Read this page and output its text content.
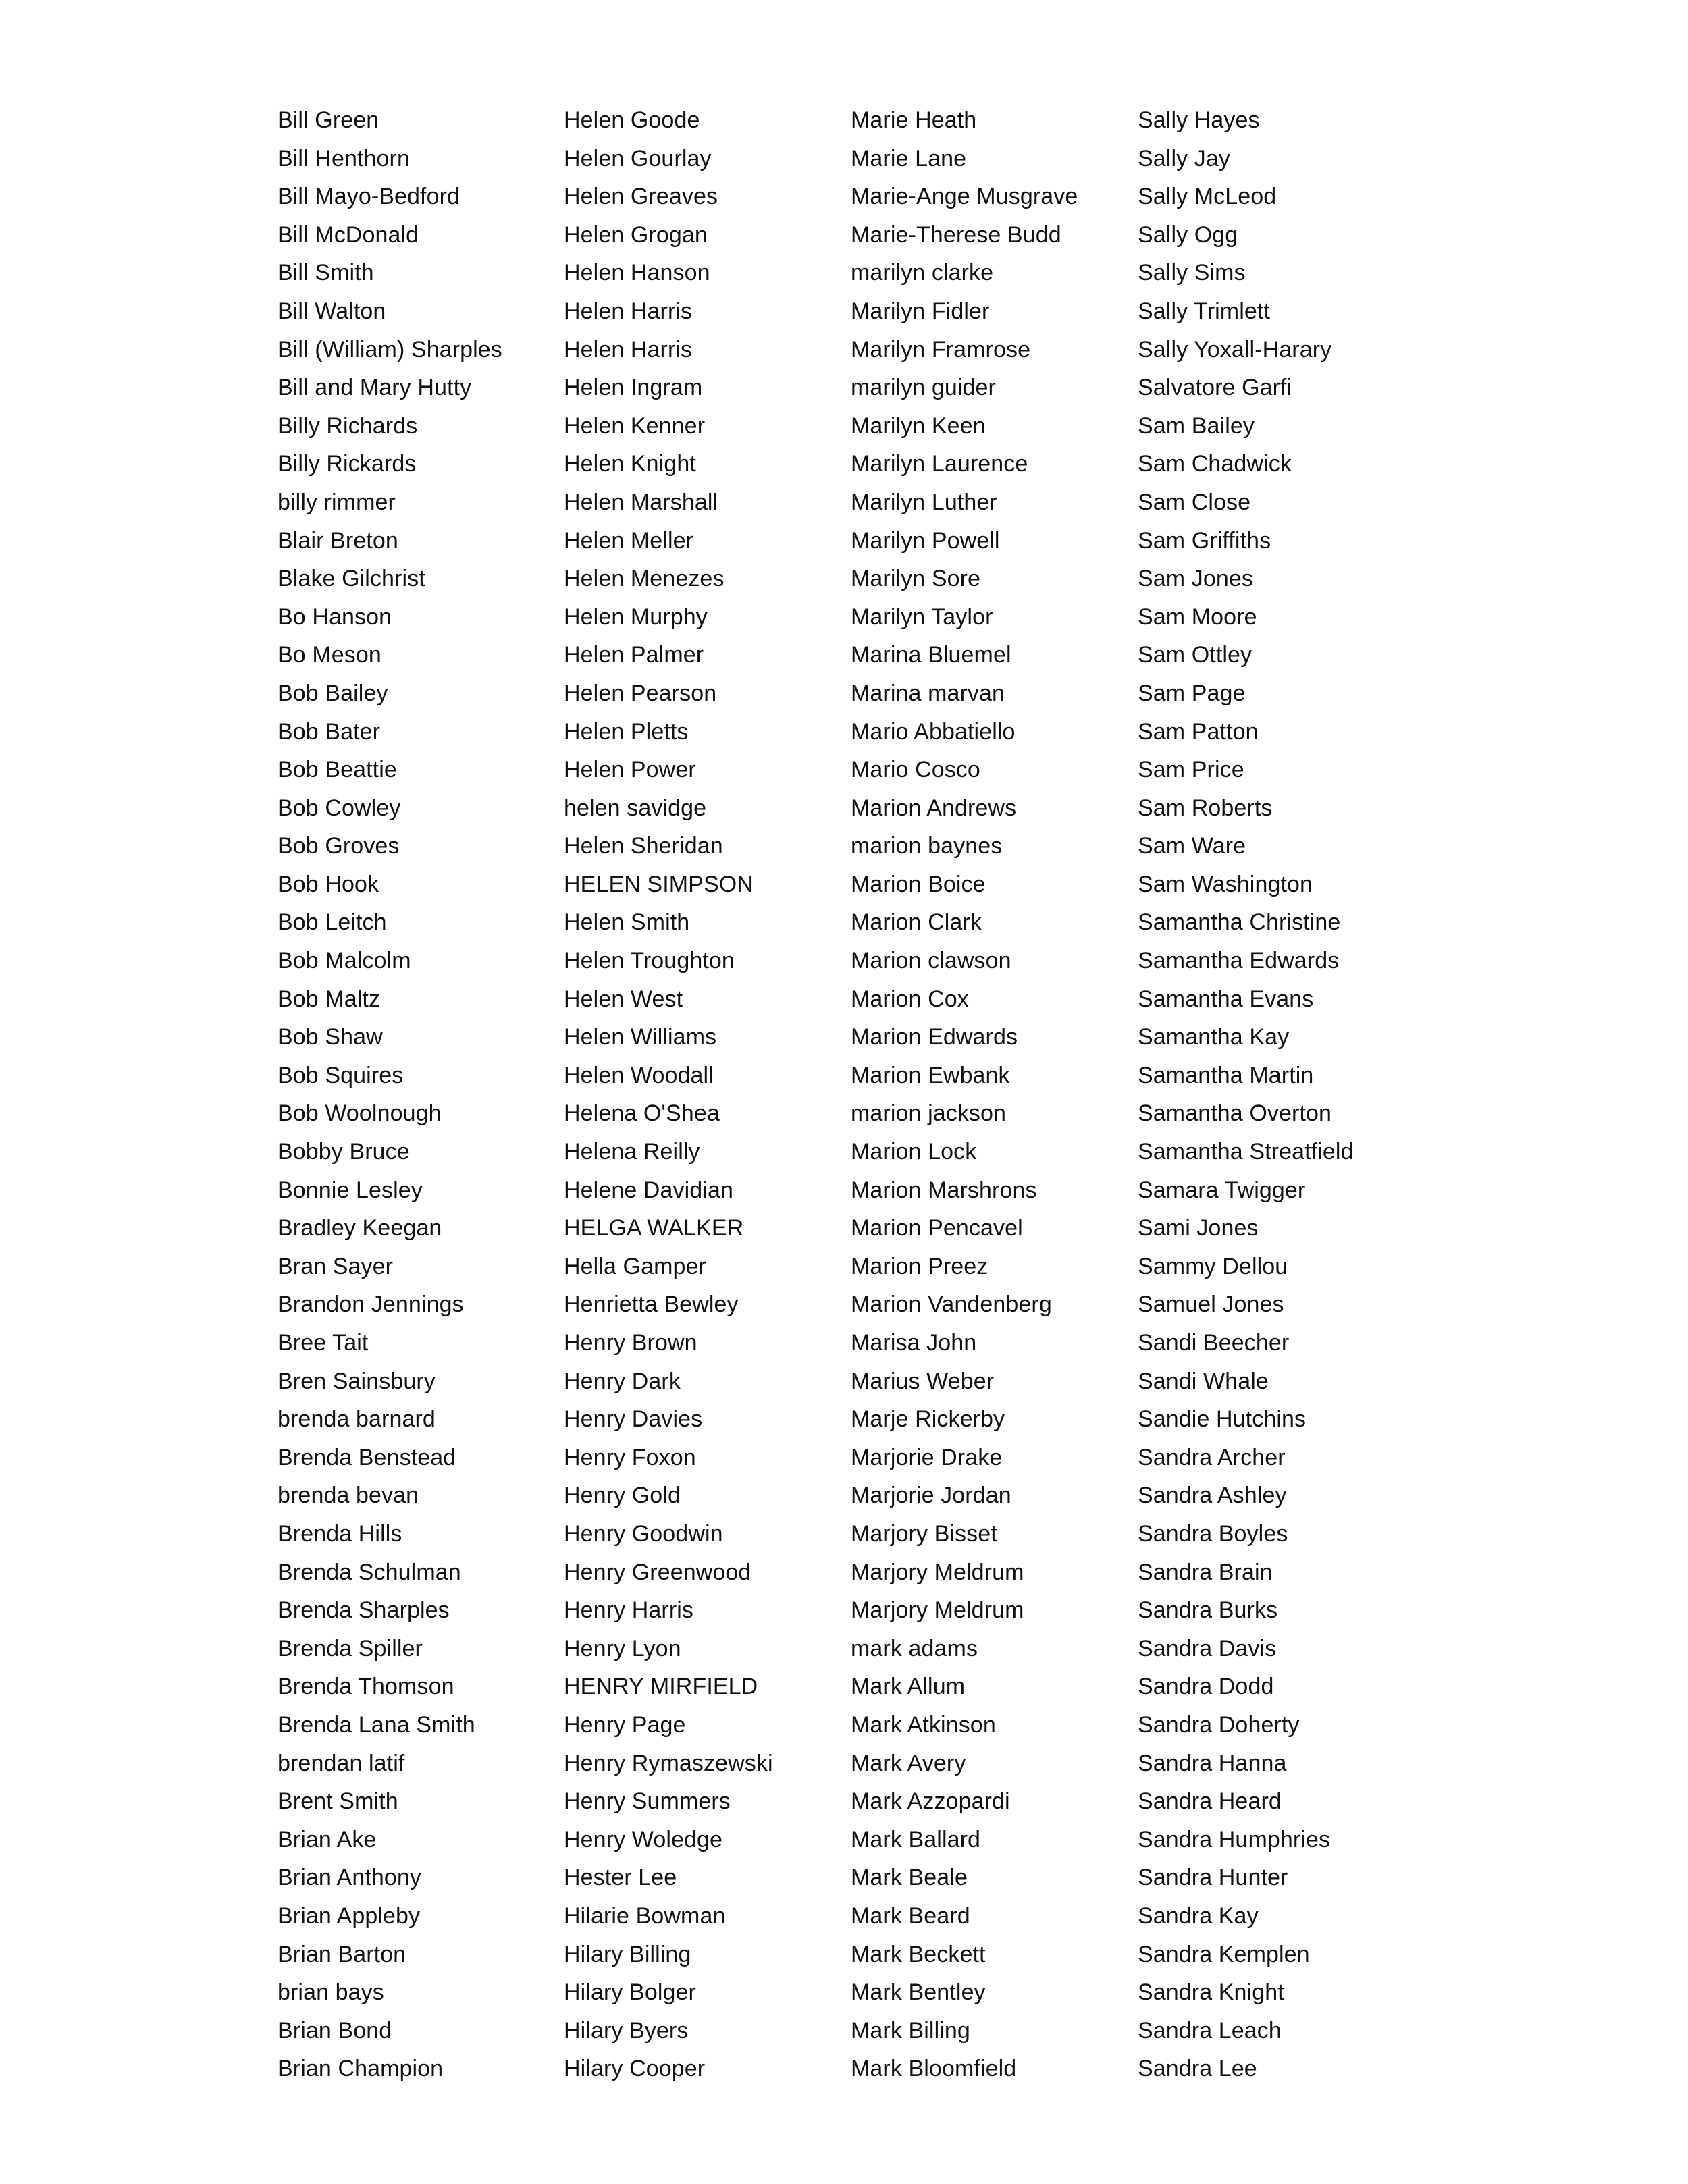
Bill Green
Bill Henthorn
Bill Mayo-Bedford
Bill McDonald
Bill Smith
Bill Walton
Bill (William) Sharples
Bill and Mary Hutty
Billy Richards
Billy Rickards
billy rimmer
Blair Breton
Blake Gilchrist
Bo Hanson
Bo Meson
Bob Bailey
Bob Bater
Bob Beattie
Bob Cowley
Bob Groves
Bob Hook
Bob Leitch
Bob Malcolm
Bob Maltz
Bob Shaw
Bob Squires
Bob Woolnough
Bobby Bruce
Bonnie Lesley
Bradley Keegan
Bran Sayer
Brandon Jennings
Bree Tait
Bren Sainsbury
brenda barnard
Brenda Benstead
brenda bevan
Brenda Hills
Brenda Schulman
Brenda Sharples
Brenda Spiller
Brenda Thomson
Brenda Lana Smith
brendan latif
Brent Smith
Brian Ake
Brian Anthony
Brian Appleby
Brian Barton
brian bays
Brian Bond
Brian Champion
Helen Goode
Helen Gourlay
Helen Greaves
Helen Grogan
Helen Hanson
Helen Harris
Helen Harris
Helen Ingram
Helen Kenner
Helen Knight
Helen Marshall
Helen Meller
Helen Menezes
Helen Murphy
Helen Palmer
Helen Pearson
Helen Pletts
Helen Power
helen savidge
Helen Sheridan
HELEN SIMPSON
Helen Smith
Helen Troughton
Helen West
Helen Williams
Helen Woodall
Helena O'Shea
Helena Reilly
Helene Davidian
HELGA WALKER
Hella Gamper
Henrietta Bewley
Henry Brown
Henry Dark
Henry Davies
Henry Foxon
Henry Gold
Henry Goodwin
Henry Greenwood
Henry Harris
Henry Lyon
HENRY MIRFIELD
Henry Page
Henry Rymaszewski
Henry Summers
Henry Woledge
Hester Lee
Hilarie Bowman
Hilary Billing
Hilary Bolger
Hilary Byers
Hilary Cooper
Marie Heath
Marie Lane
Marie-Ange Musgrave
Marie-Therese Budd
marilyn clarke
Marilyn Fidler
Marilyn Framrose
marilyn guider
Marilyn Keen
Marilyn Laurence
Marilyn Luther
Marilyn Powell
Marilyn Sore
Marilyn Taylor
Marina Bluemel
Marina marvan
Mario Abbatiello
Mario Cosco
Marion Andrews
marion baynes
Marion Boice
Marion Clark
Marion clawson
Marion Cox
Marion Edwards
Marion Ewbank
marion jackson
Marion Lock
Marion Marshrons
Marion Pencavel
Marion Preez
Marion Vandenberg
Marisa John
Marius Weber
Marje Rickerby
Marjorie Drake
Marjorie Jordan
Marjory Bisset
Marjory Meldrum
Marjory Meldrum
mark adams
Mark Allum
Mark Atkinson
Mark Avery
Mark Azzopardi
Mark Ballard
Mark Beale
Mark Beard
Mark Beckett
Mark Bentley
Mark Billing
Mark Bloomfield
Sally Hayes
Sally Jay
Sally McLeod
Sally Ogg
Sally Sims
Sally Trimlett
Sally Yoxall-Harary
Salvatore Garfi
Sam Bailey
Sam Chadwick
Sam Close
Sam Griffiths
Sam Jones
Sam Moore
Sam Ottley
Sam Page
Sam Patton
Sam Price
Sam Roberts
Sam Ware
Sam Washington
Samantha Christine
Samantha Edwards
Samantha Evans
Samantha Kay
Samantha Martin
Samantha Overton
Samantha Streatfield
Samara Twigger
Sami Jones
Sammy Dellou
Samuel Jones
Sandi Beecher
Sandi Whale
Sandie Hutchins
Sandra Archer
Sandra Ashley
Sandra Boyles
Sandra Brain
Sandra Burks
Sandra Davis
Sandra Dodd
Sandra Doherty
Sandra Hanna
Sandra Heard
Sandra Humphries
Sandra Hunter
Sandra Kay
Sandra Kemplen
Sandra Knight
Sandra Leach
Sandra Lee
